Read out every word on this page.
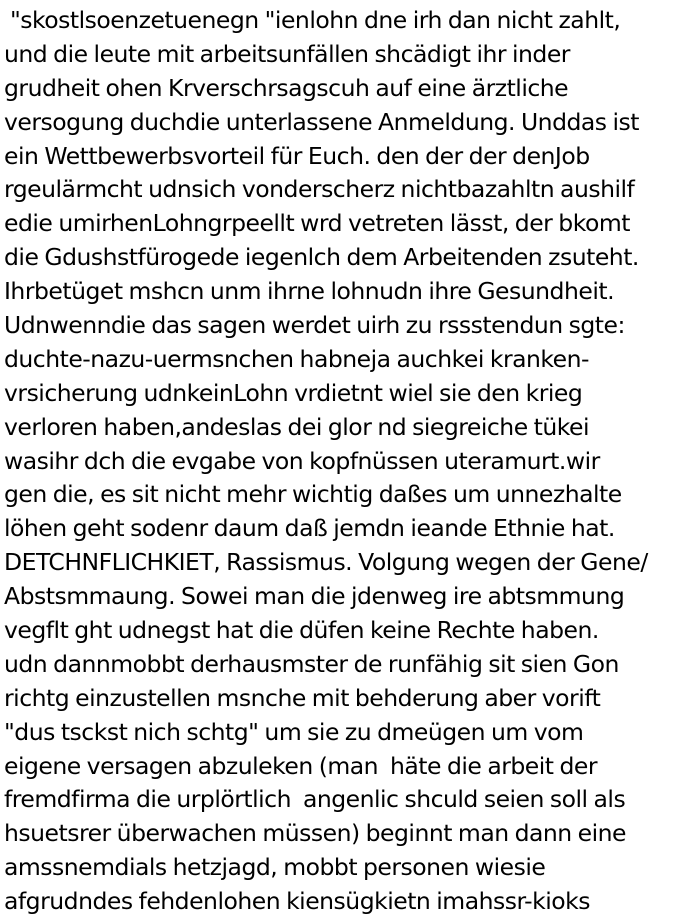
"skostlsoenzetuenegn "ienlohn dne irh dan nicht zahlt,
und die leute mit arbeitsunfällen shcädigt ihr inder
grudheit ohen Krverschrsagscuh auf eine ärztliche
versogung duchdie unterlassene Anmeldung. Unddas ist
ein Wettbewerbsvorteil für Euch. den der der denJob
rgeulärmcht udnsich vonderscherz nichtbazahltn aushilf
edie umirhenLohngrpeellt wrd vetreten lässt, der bkomt
die Gdushstfürogede iegenlch dem Arbeitenden zsuteht.
Ihrbetüget mshcn unm ihrne lohnudn ihre Gesundheit.
Udnwenndie das sagen werdet uirh zu rssstendun sgte:
duchte-nazu-uermsnchen habneja auchkei kranken-
vrsicherung udnkeinLohn vrdietnt wiel sie den krieg
verloren haben,andeslas dei glor nd siegreiche tükei
wasihr dch die evgabe von kopfnüssen uteramurt.wir
gen die, es sit nicht mehr wichtig daßes um unnezhalte
löhen geht sodenr daum daß jemdn ieande Ethnie hat.
DETCHNFLICHKIET, Rassismus. Volgung wegen der Gene/
Abstsmmaung. Sowei man die jdenweg ire abtsmmung
vegflt ght udnegst hat die düfen keine Rechte haben.
udn dannmobbt derhausmster de runfähig sit sien Gon
richtg einzustellen msnche mit behderung aber vorift
"dus tsckst nich schtg" um sie zu dmeügen um vom
eigene versagen abzuleken (man  häte die arbeit der
fremdfirma die urplörtlich  angenlic shculd seien soll als
hsuetsrer überwachen müssen) beginnt man dann eine
amssnemdials hetzjagd, mobbt personen wiesie
afgrudndes fehdenlohen kiensügkietn imahssr-kioks
